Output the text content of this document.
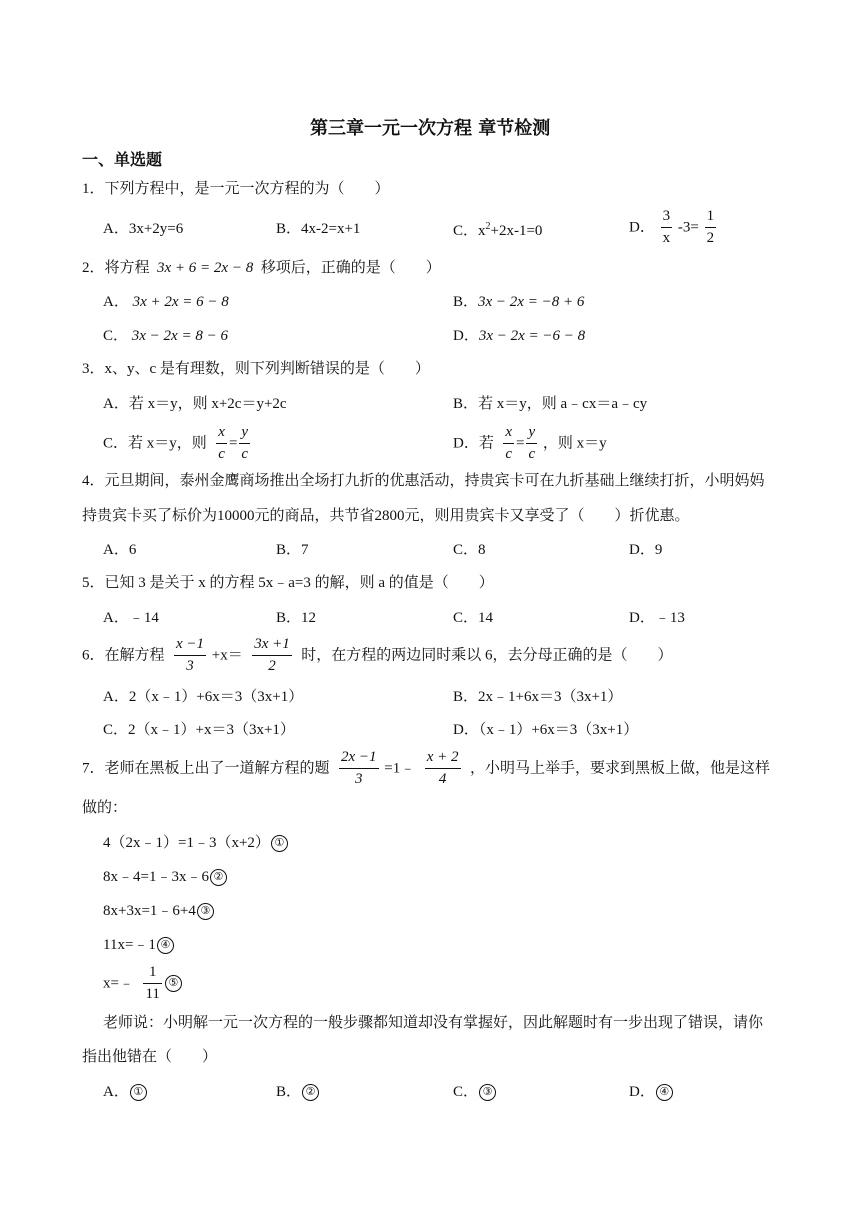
第三章一元一次方程 章节检测
一、单选题
1．下列方程中，是一元一次方程的为（　　）
A．3x+2y=6	B．4x-2=x+1	C．$x^2+2x-1=0$	D． $\frac{3}{x} -3= \frac{1}{2}$
2．将方程 3x + 6 = 2x − 8 移项后，正确的是（　　）
A． 3x + 2x = 6 − 8	B．3x − 2x = −8 + 6
C． 3x − 2x = 8 − 6	D．3x − 2x = −6 − 8
3．x、y、c 是有理数，则下列判断错误的是（　　）
A．若 x＝y，则 x+2c＝y+2c	B．若 x＝y，则 a﹣cx＝a﹣cy
C．若 x＝y，则 $\frac{x}{c} = \frac{y}{c}$	D．若 $\frac{x}{c} = \frac{y}{c}$ ，则 x＝y
4．元旦期间，泰州金鹰商场推出全场打九折的优惠活动，持贵宾卡可在九折基础上继续打折，小明妈妈
持贵宾卡买了标价为10000元的商品，共节省2800元，则用贵宾卡又享受了（　　）折优惠。
A．6	B．7	C．8	D．9
5．已知 3 是关于 x 的方程 5x﹣a=3 的解，则 a 的值是（　　）
A．﹣14	B．12	C．14	D．﹣13
6．在解方程 $\frac{x -1}{3} +x= \frac{3x +1}{2}$ 时，在方程的两边同时乘以 6，去分母正确的是（　　）
A．2（x﹣1）+6x＝3（3x+1）	B．2x﹣1+6x＝3（3x+1）
C．2（x﹣1）+x＝3（3x+1）	D．（x﹣1）+6x＝3（3x+1）
7．老师在黑板上出了一道解方程的题 $\frac{2x -1}{3}$ =1﹣ $\frac{x + 2}{4}$ ，小明马上举手，要求到黑板上做，他是这样
做的：
4（2x﹣1）=1﹣3（x+2） ①
8x﹣4=1﹣3x﹣6 ②
8x+3x=1﹣6+4 ③
11x=﹣1 ④
x=﹣ $\frac{1}{11}$ ⑤
老师说：小明解一元一次方程的一般步骤都知道却没有掌握好，因此解题时有一步出现了错误，请你
指出他错在（　　）
A． ①	B． ②	C． ③	D． ④
